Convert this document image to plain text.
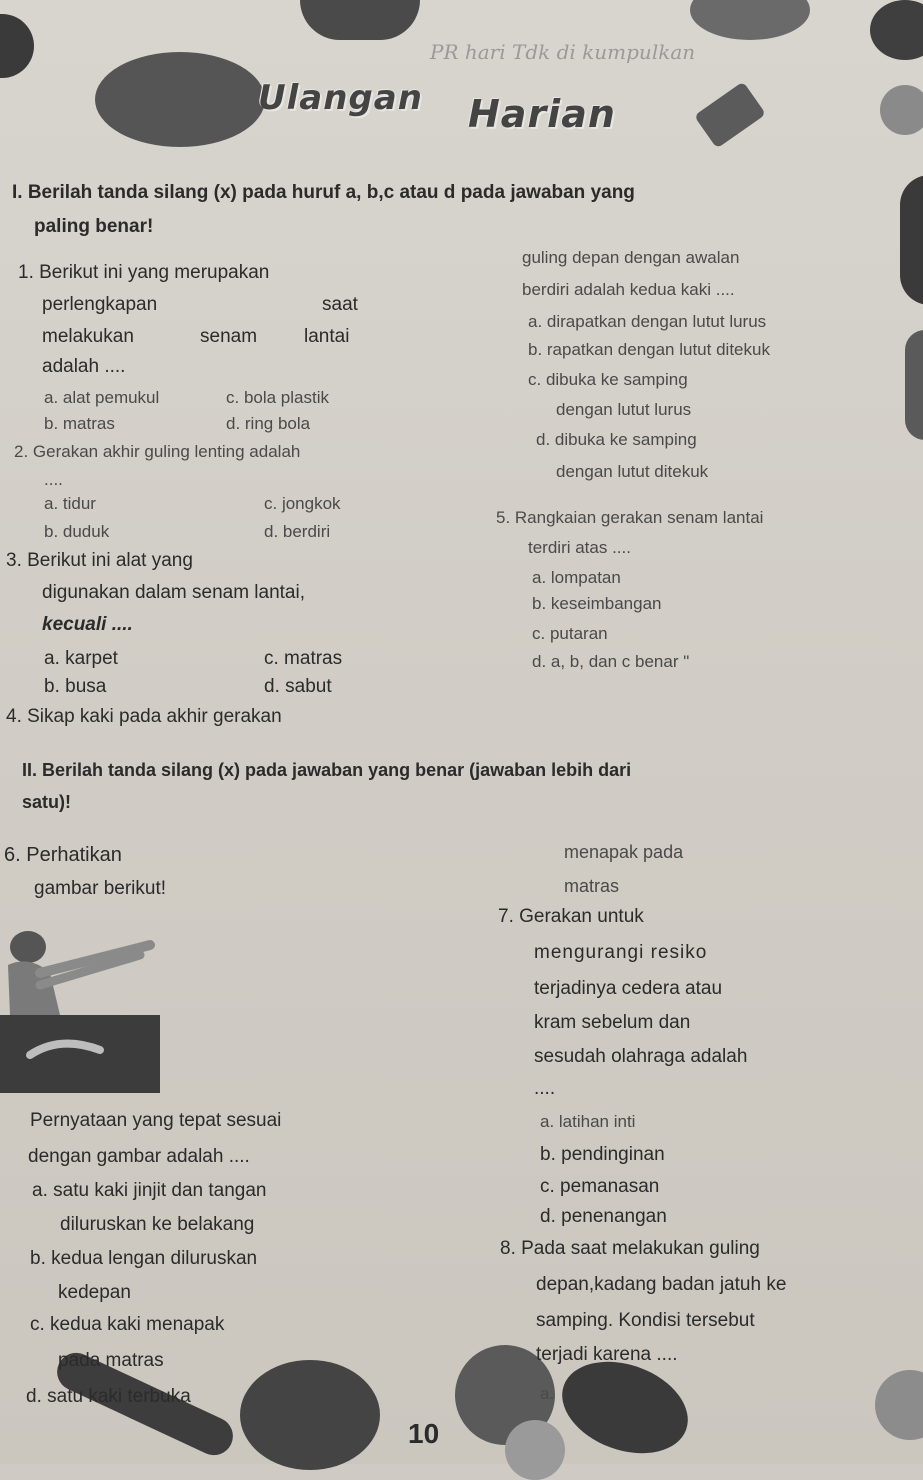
PR hari Tdk di kumpulkan
Ulangan Harian
I. Berilah tanda silang (x) pada huruf a, b,c atau d pada jawaban yang
paling benar!
1. Berikut ini yang merupakan
perlengkapan	saat
melakukan	senam lantai
adalah ....
a. alat pemukul	c. bola plastik
b. matras	d. ring bola
2. Gerakan akhir guling lenting adalah
....
a. tidur	c. jongkok
b. duduk	d. berdiri
3. Berikut ini alat yang
digunakan dalam senam lantai,
kecuali ....
a. karpet	c. matras
b. busa	d. sabut
4. Sikap kaki pada akhir gerakan
guling depan dengan awalan
berdiri adalah kedua kaki ....
a. dirapatkan dengan lutut lurus
b. rapatkan dengan lutut ditekuk
c. dibuka ke samping
dengan lutut lurus
d. dibuka ke samping
dengan lutut ditekuk
5. Rangkaian gerakan senam lantai
terdiri atas ....
a. lompatan
b. keseimbangan
c. putaran
d. a, b, dan c benar "
II. Berilah tanda silang (x) pada jawaban yang benar (jawaban lebih dari
satu)!
6. Perhatikan
gambar berikut!
Pernyataan yang tepat sesuai
dengan gambar adalah ....
a. satu kaki jinjit dan tangan
diluruskan ke belakang
b. kedua lengan diluruskan
kedepan
c. kedua kaki menapak
pada matras
d. satu kaki terbuka
menapak pada
matras
7. Gerakan untuk
mengurangi resiko
terjadinya cedera atau
kram sebelum dan
sesudah olahraga adalah
....
a. latihan inti
b. pendinginan
c. pemanasan
d. penenangan
8. Pada saat melakukan guling
depan,kadang badan jatuh ke
samping. Kondisi tersebut
terjadi karena ....
a.
10
